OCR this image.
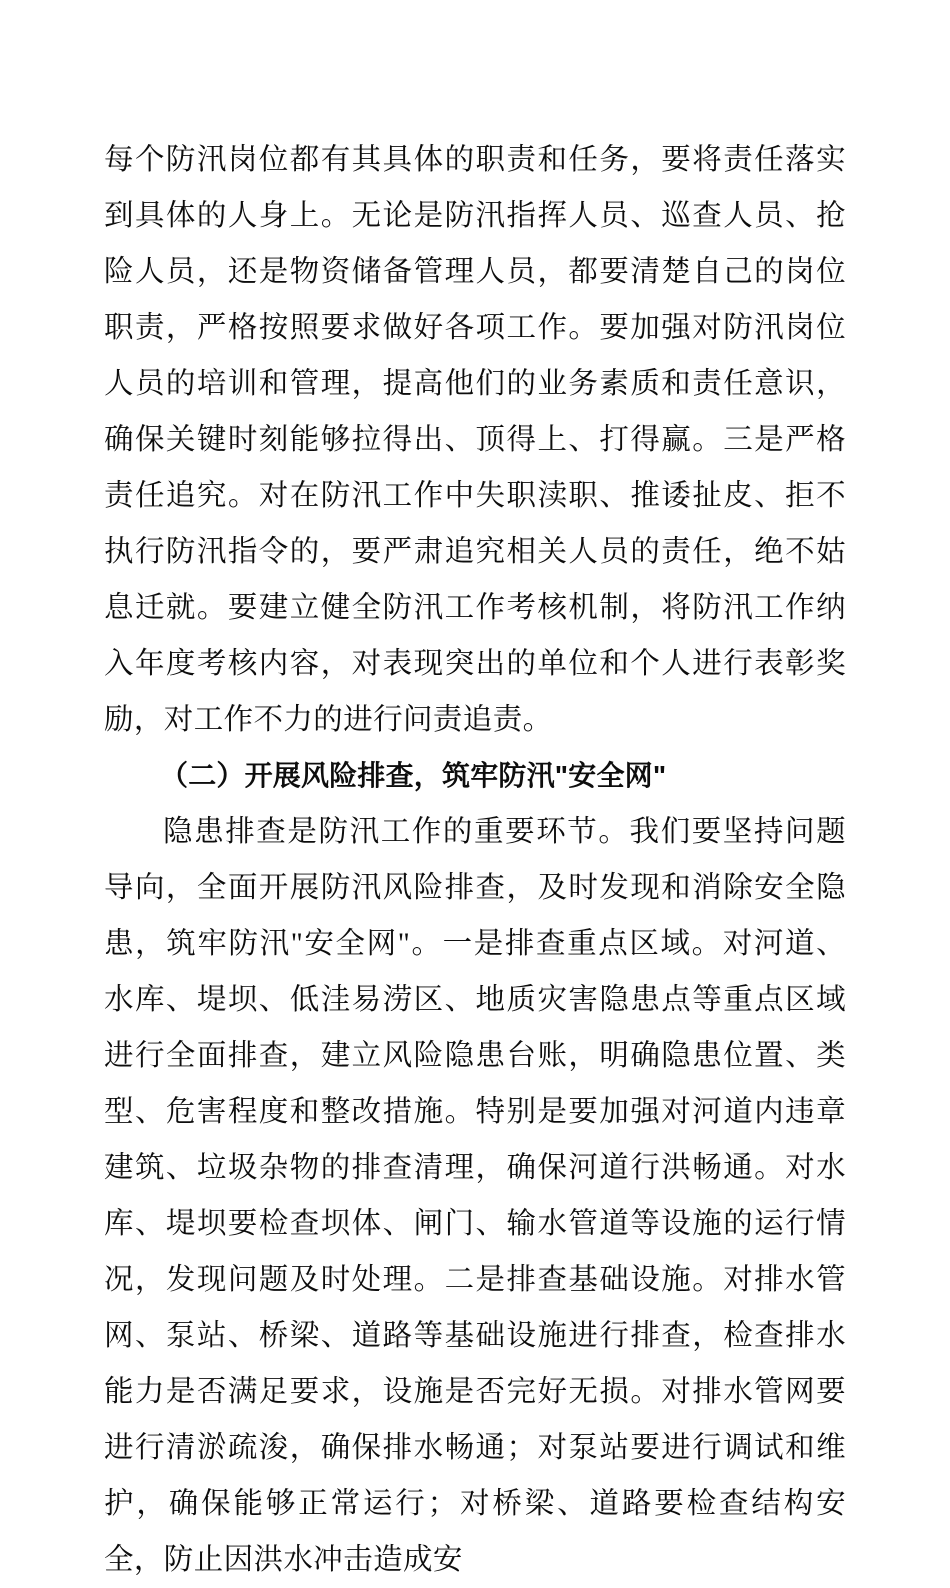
每个防汛岗位都有其具体的职责和任务，要将责任落实到具体的人身上。无论是防汛指挥人员、巡查人员、抢险人员，还是物资储备管理人员，都要清楚自己的岗位职责，严格按照要求做好各项工作。要加强对防汛岗位人员的培训和管理，提高他们的业务素质和责任意识，确保关键时刻能够拉得出、顶得上、打得赢。三是严格责任追究。对在防汛工作中失职渎职、推诿扯皮、拒不执行防汛指令的，要严肃追究相关人员的责任，绝不姑息迁就。要建立健全防汛工作考核机制，将防汛工作纳入年度考核内容，对表现突出的单位和个人进行表彰奖励，对工作不力的进行问责追责。

（二）开展风险排查，筑牢防汛"安全网"

隐患排查是防汛工作的重要环节。我们要坚持问题导向，全面开展防汛风险排查，及时发现和消除安全隐患，筑牢防汛"安全网"。一是排查重点区域。对河道、水库、堤坝、低洼易涝区、地质灾害隐患点等重点区域进行全面排查，建立风险隐患台账，明确隐患位置、类型、危害程度和整改措施。特别是要加强对河道内违章建筑、垃圾杂物的排查清理，确保河道行洪畅通。对水库、堤坝要检查坝体、闸门、输水管道等设施的运行情况，发现问题及时处理。二是排查基础设施。对排水管网、泵站、桥梁、道路等基础设施进行排查，检查排水能力是否满足要求，设施是否完好无损。对排水管网要进行清淤疏浚，确保排水畅通；对泵站要进行调试和维护，确保能够正常运行；对桥梁、道路要检查结构安全，防止因洪水冲击造成安
